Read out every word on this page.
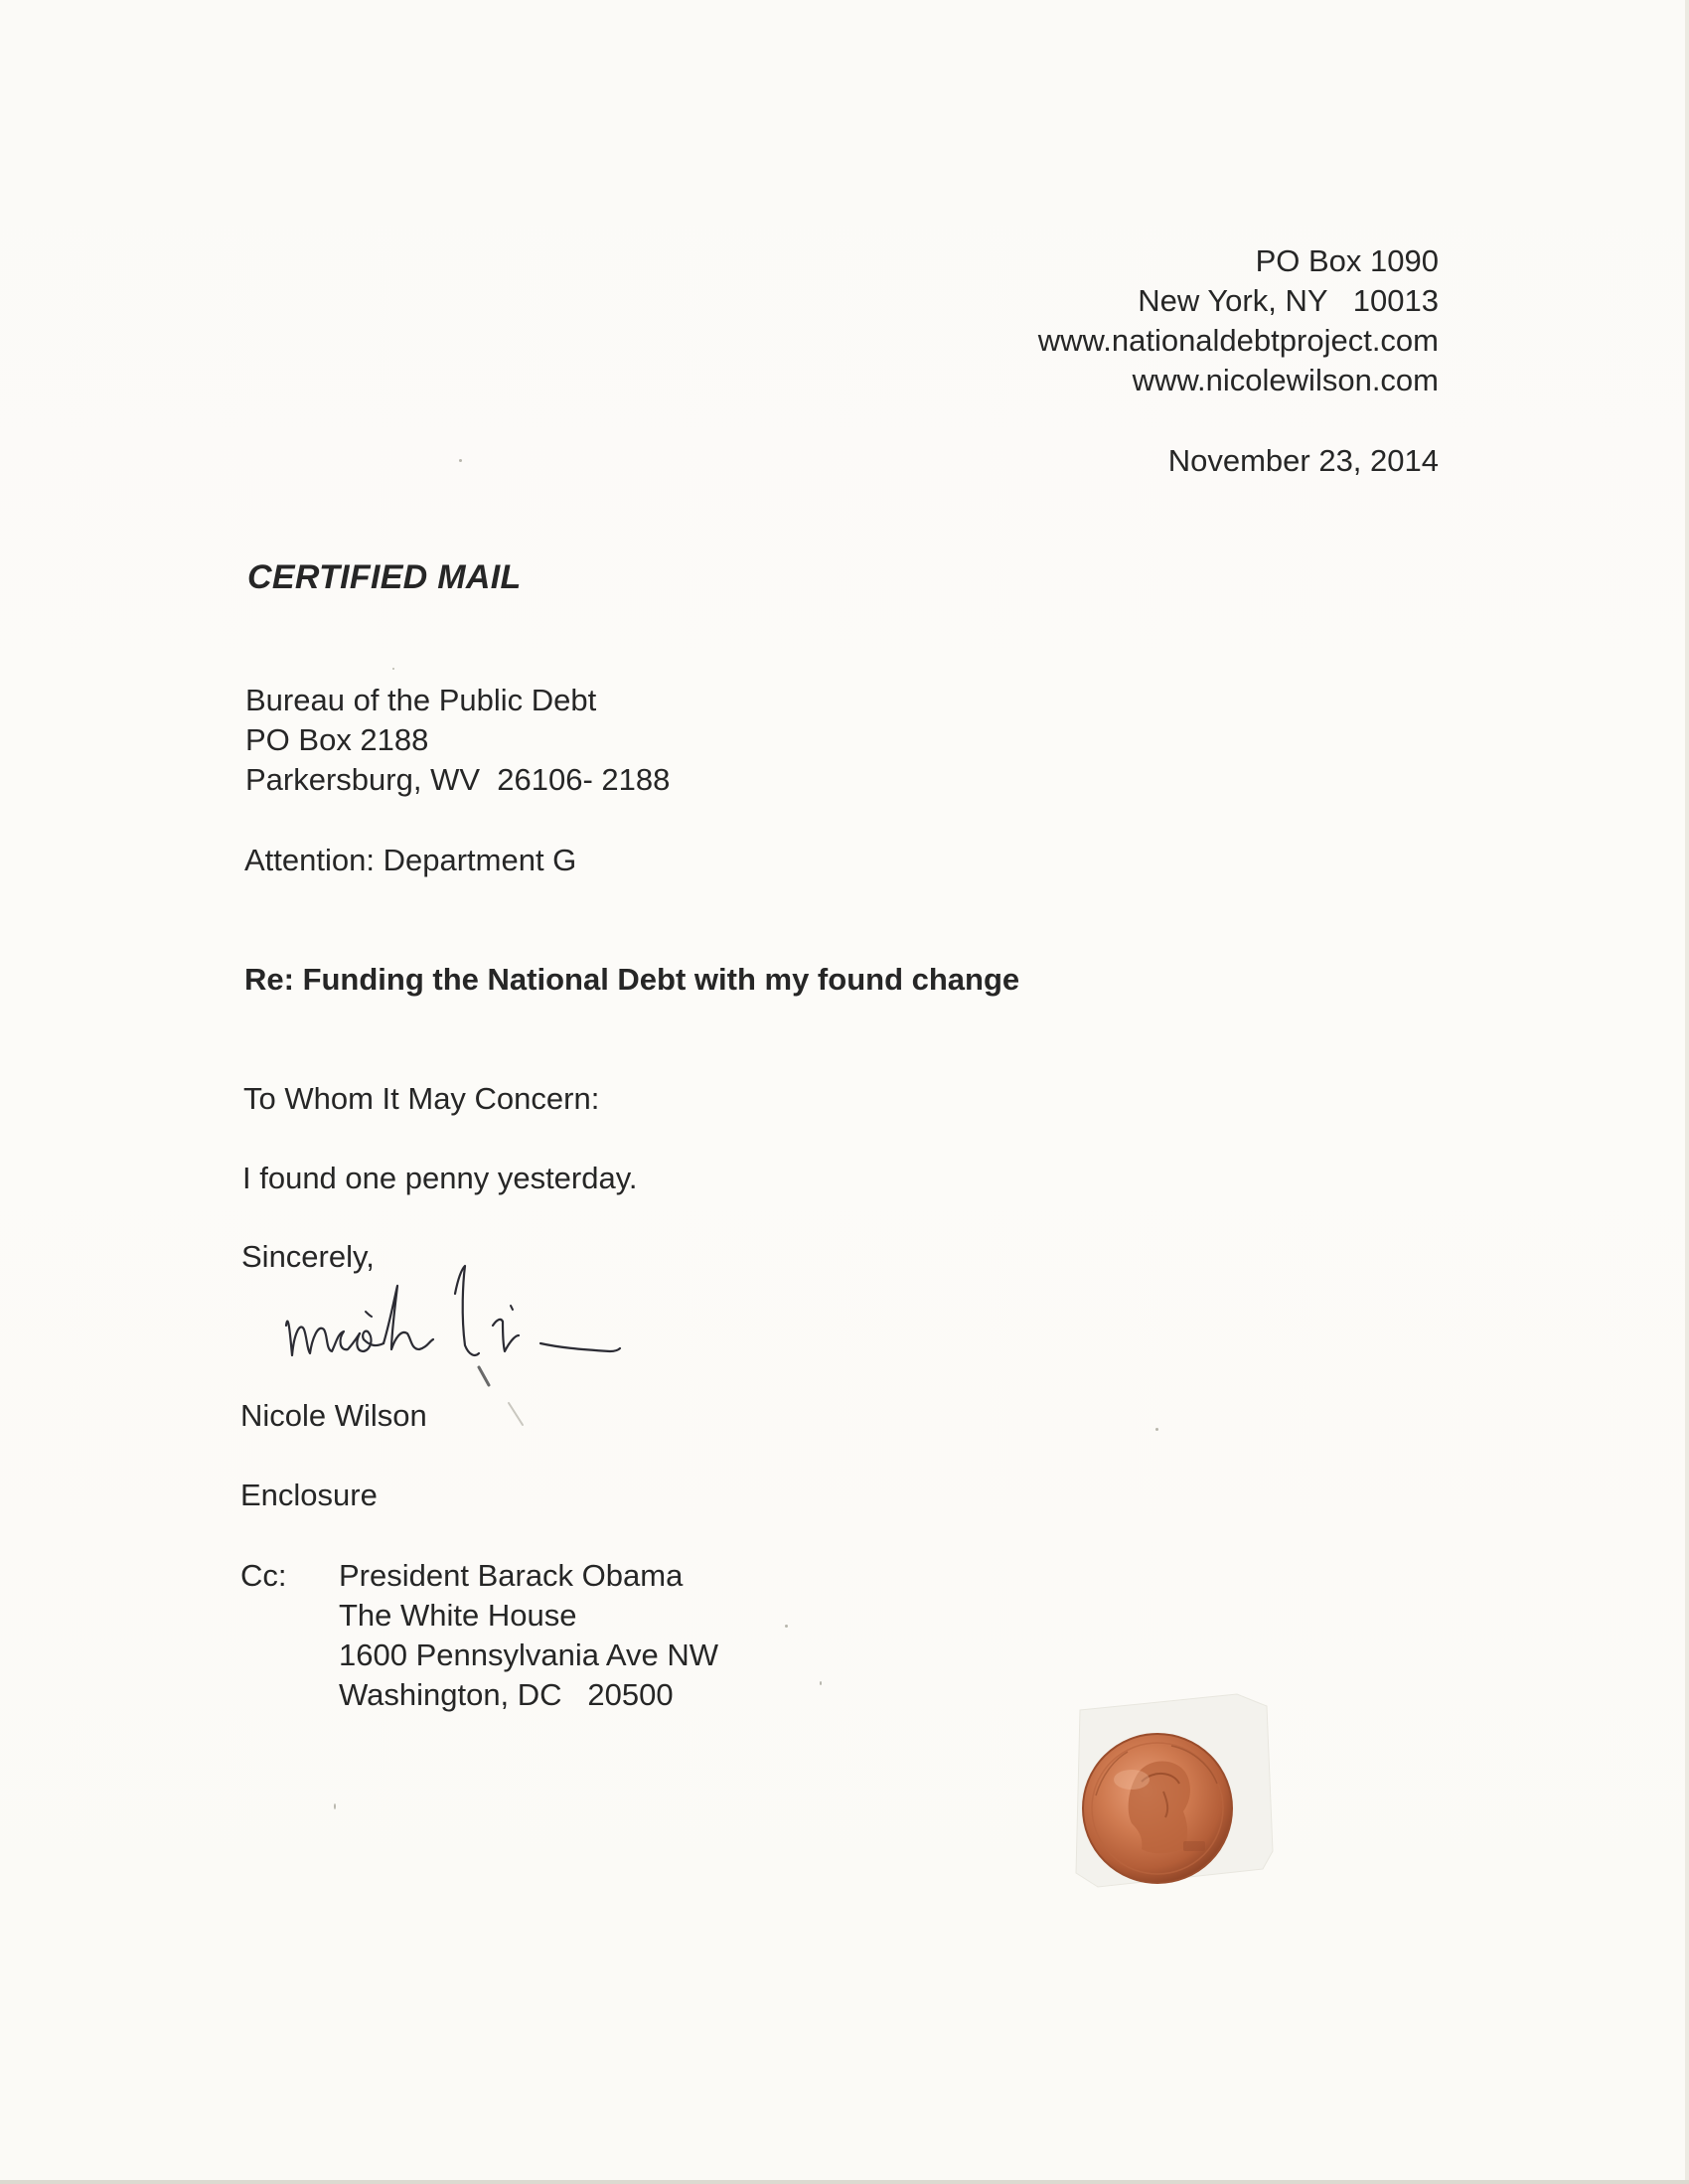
PO Box 1090
New York, NY   10013
www.nationaldebtproject.com
www.nicolewilson.com
November 23, 2014
CERTIFIED MAIL
Bureau of the Public Debt
PO Box 2188
Parkersburg, WV  26106- 2188
Attention: Department G
Re: Funding the National Debt with my found change
To Whom It May Concern:
I found one penny yesterday.
Sincerely,
Nicole Wilson
Enclosure
Cc: President Barack Obama
The White House
1600 Pennsylvania Ave NW
Washington, DC   20500
